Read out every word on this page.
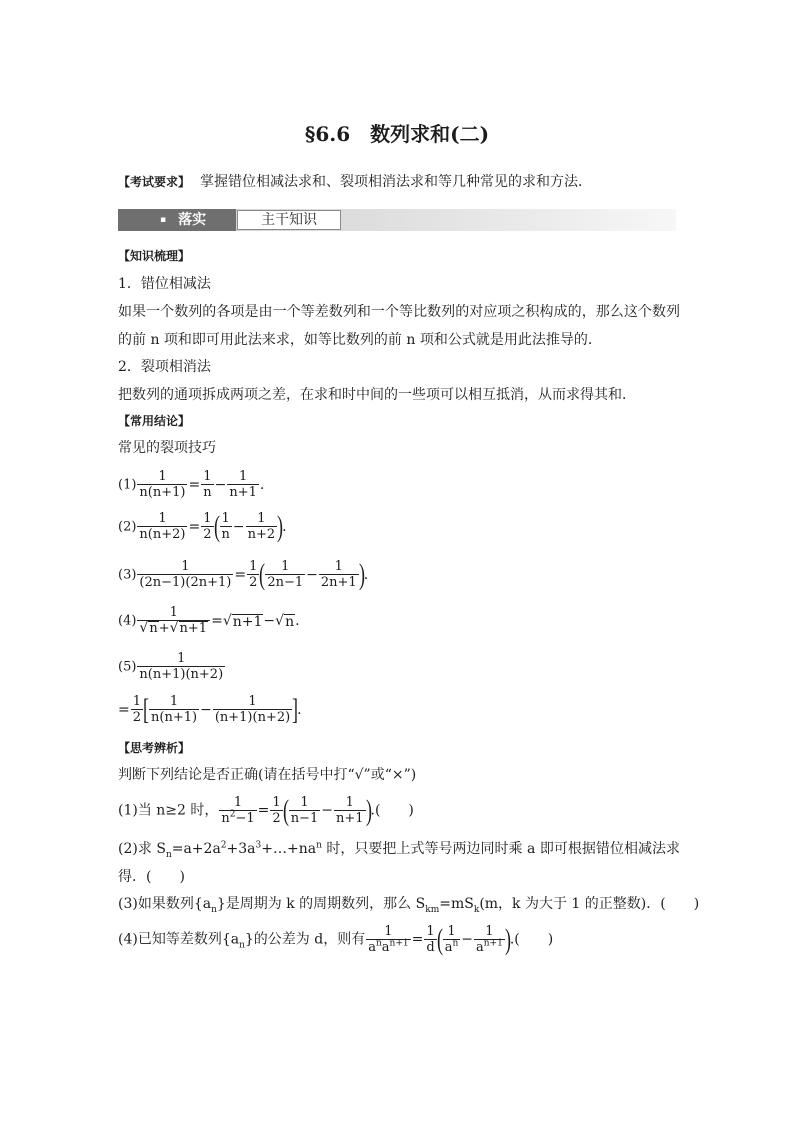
§6.6　数列求和(二)
【考试要求】 掌握错位相减法求和、裂项相消法求和等几种常见的求和方法．
▪ 落实	主干知识
【知识梳理】
1．错位相减法
如果一个数列的各项是由一个等差数列和一个等比数列的对应项之积构成的，那么这个数列
的前 n 项和即可用此法来求，如等比数列的前 n 项和公式就是用此法推导的．
2．裂项相消法
把数列的通项拆成两项之差，在求和时中间的一些项可以相互抵消，从而求得其和．
【常用结论】
常见的裂项技巧
$(1) \frac{1}{n(n+1)} = \frac{1}{n} - \frac{1}{n+1}$ .
$(2) \frac{1}{n(n+2)} = \frac{1}{2}$ ( $\frac{1}{n} - \frac{1}{n+2}$ ).
$(3) \frac{1}{(2n-1)(2n+1)} = \frac{1}{2}$ ( $\frac{1}{2n-1} - \frac{1}{2n+1}$ ).
$(4) \frac{1}{√ n + √ n+1}$ = √ n+1 − √ n .
$(5) \frac{1}{n(n+1)(n+2)}$
= $\frac{1}{2}$ [ $\frac{1}{n(n+1)} - \frac{1}{(n+1)(n+2)}$ ].
【思考辨析】
判断下列结论是否正确(请在括号中打“√”或“×”)
(1)当 n≥2 时， $\frac{1}{n^2-1} = \frac{1}{2}$ ( $\frac{1}{n-1} - \frac{1}{n+1}$ ).(　　)
(2)求 $S_n=a+2a^2+3a^3+\dots+na^n$ 时，只要把上式等号两边同时乘 a 即可根据错位相减法求
得．(　　)
(3)如果数列$\{a_n\}$是周期为 k 的周期数列，那么 $S_{km}=mS_k(m$，k 为大于 1 的正整数)．(　　)
(4)已知等差数列$\{a_n\}$的公差为 d，则有 $\frac{1}{a^na^{n+1}} = \frac{1}{d}$ ( $\frac{1}{a^n} - \frac{1}{a^{n+1}}$ ).(　　)
